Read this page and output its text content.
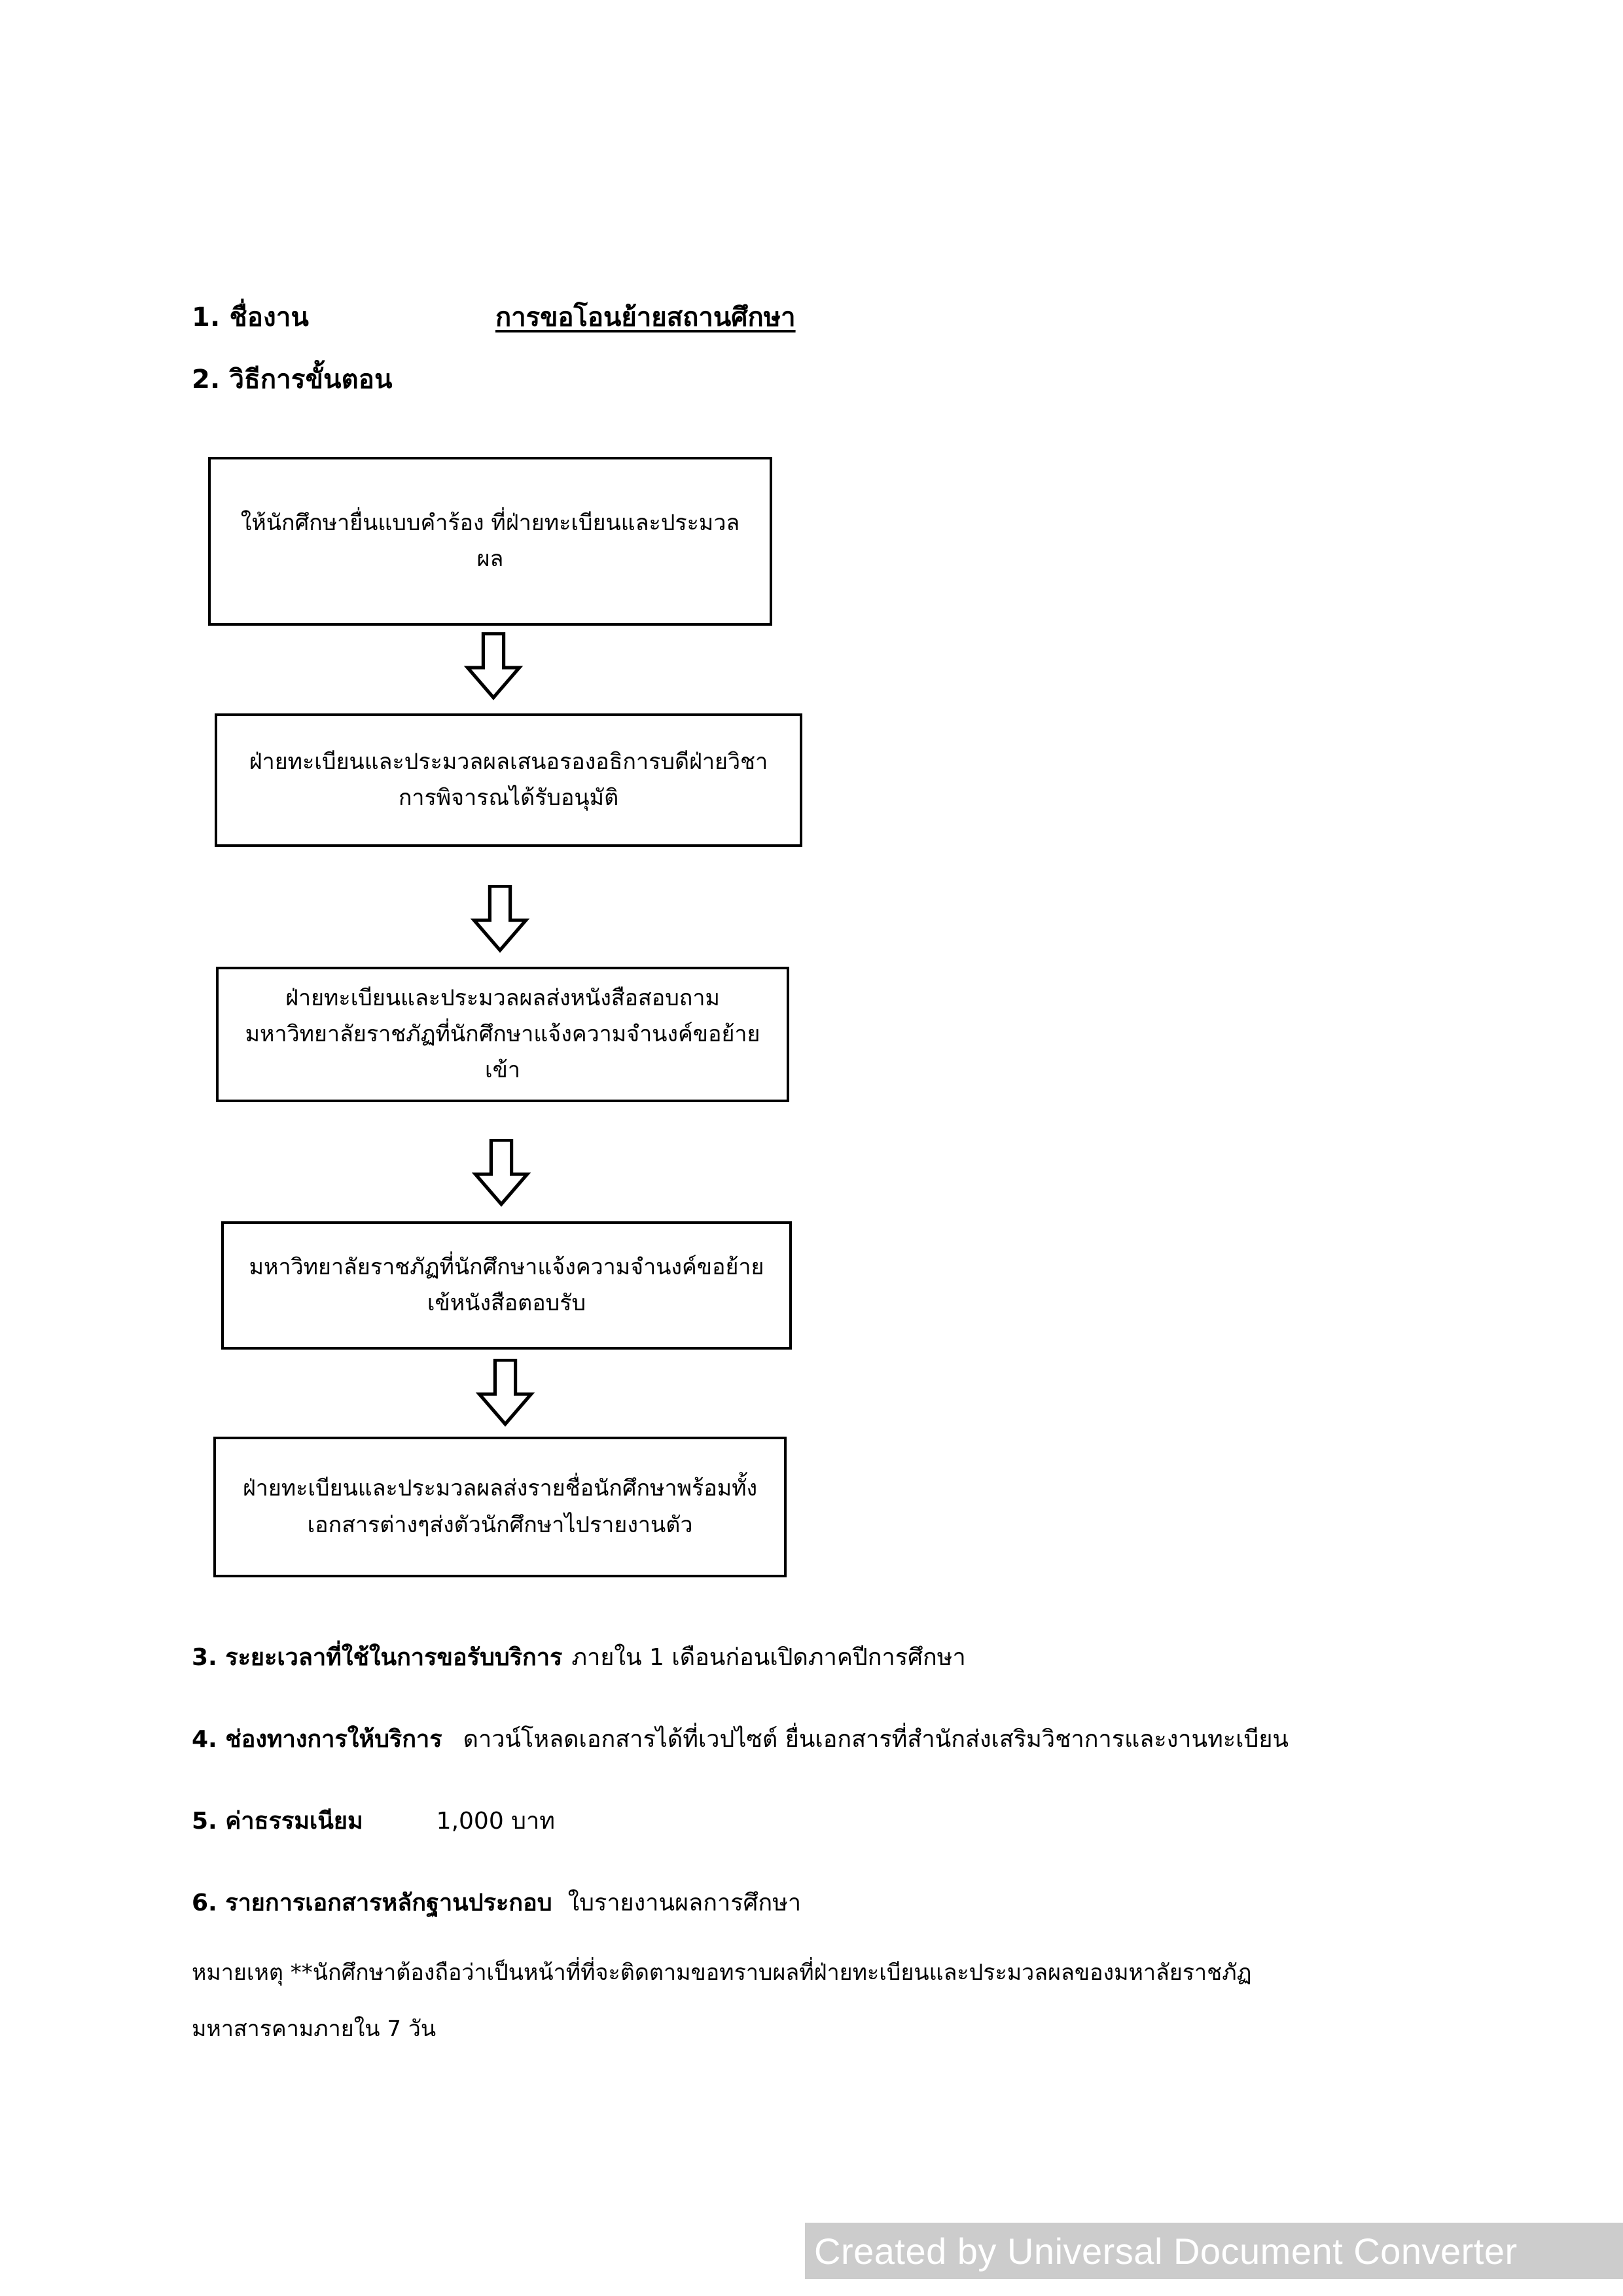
1. ชื่องาน	การขอโอนย้ายสถานศึกษา
2. วิธีการขั้นตอน
ให้นักศึกษายื่นแบบคำร้อง ที่ฝ่ายทะเบียนและประมวลผล
ฝ่ายทะเบียนและประมวลผลเสนอรองอธิการบดีฝ่ายวิชาการพิจารณได้รับอนุมัติ
ฝ่ายทะเบียนและประมวลผลส่งหนังสือสอบถามมหาวิทยาลัยราชภัฏที่นักศึกษาแจ้งความจำนงค์ขอย้ายเข้า
มหาวิทยาลัยราชภัฏที่นักศึกษาแจ้งความจำนงค์ขอย้ายเข้หนังสือตอบรับ
ฝ่ายทะเบียนและประมวลผลส่งรายชื่อนักศึกษาพร้อมทั้งเอกสารต่างๆส่งตัวนักศึกษาไปรายงานตัว
3. ระยะเวลาที่ใช้ในการขอรับบริการ ภายใน 1 เดือนก่อนเปิดภาคปีการศึกษา
4. ช่องทางการให้บริการ ดาวน์โหลดเอกสารได้ที่เวปไซต์ ยื่นเอกสารที่สำนักส่งเสริมวิชาการและงานทะเบียน
5. ค่าธรรมเนียม	1,000 บาท
6. รายการเอกสารหลักฐานประกอบ ใบรายงานผลการศึกษา
หมายเหตุ **นักศึกษาต้องถือว่าเป็นหน้าที่ที่จะติดตามขอทราบผลที่ฝ่ายทะเบียนและประมวลผลของมหาลัยราชภัฏ
มหาสารคามภายใน 7 วัน
Created by Universal Document Converter
